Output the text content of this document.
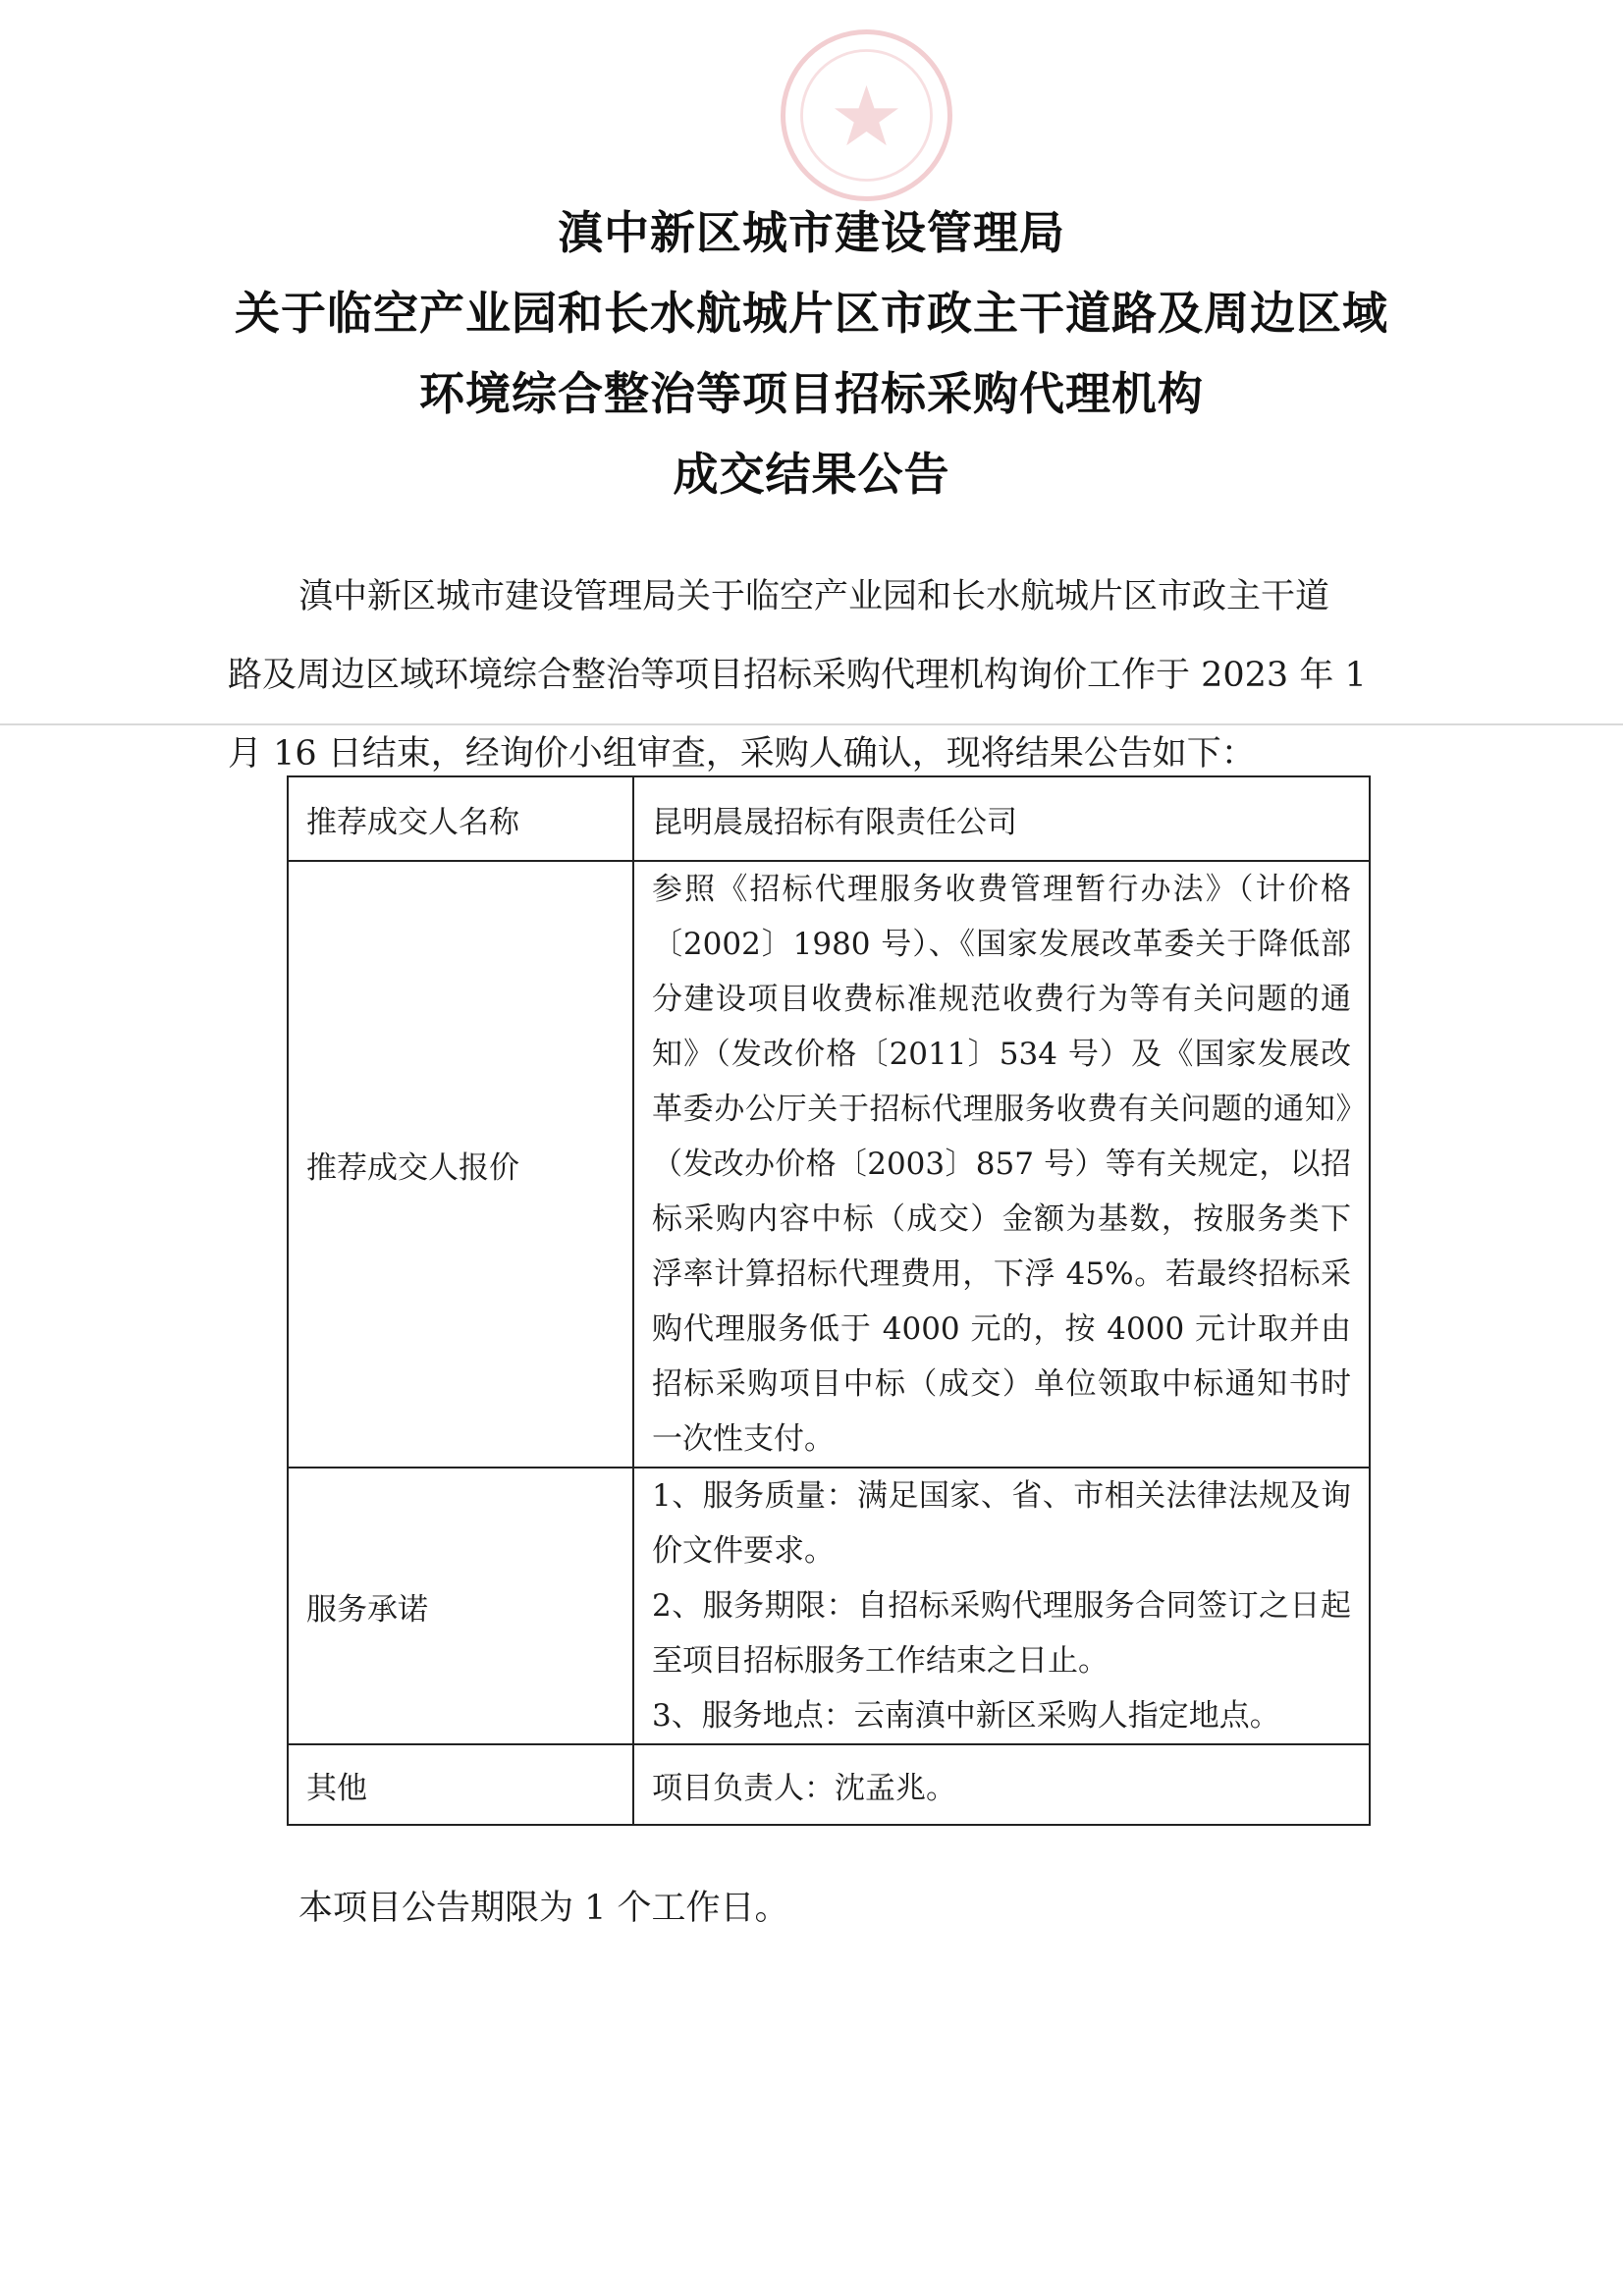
滇中新区城市建设管理局
关于临空产业园和长水航城片区市政主干道路及周边区域
环境综合整治等项目招标采购代理机构
成交结果公告
滇中新区城市建设管理局关于临空产业园和长水航城片区市政主干道
路及周边区域环境综合整治等项目招标采购代理机构询价工作于 2023 年 1
月 16 日结束，经询价小组审查，采购人确认，现将结果公告如下：
推荐成交人名称	昆明晨晟招标有限责任公司
推荐成交人报价	参照《招标代理服务收费管理暂行办法》（计价格〔2002〕1980 号）、《国家发展改革委关于降低部分建设项目收费标准规范收费行为等有关问题的通知》（发改价格〔2011〕534 号）及《国家发展改革委办公厅关于招标代理服务收费有关问题的通知》（发改办价格〔2003〕857 号）等有关规定，以招标采购内容中标（成交）金额为基数，按服务类下浮率计算招标代理费用，下浮 45%。若最终招标采购代理服务低于 4000 元的，按 4000 元计取并由招标采购项目中标（成交）单位领取中标通知书时一次性支付。

服务承诺	1、服务质量：满足国家、省、市相关法律法规及询价文件要求。
2、服务期限：自招标采购代理服务合同签订之日起至项目招标服务工作结束之日止。
3、服务地点：云南滇中新区采购人指定地点。

其他	项目负责人：沈孟兆。
本项目公告期限为 1 个工作日。
